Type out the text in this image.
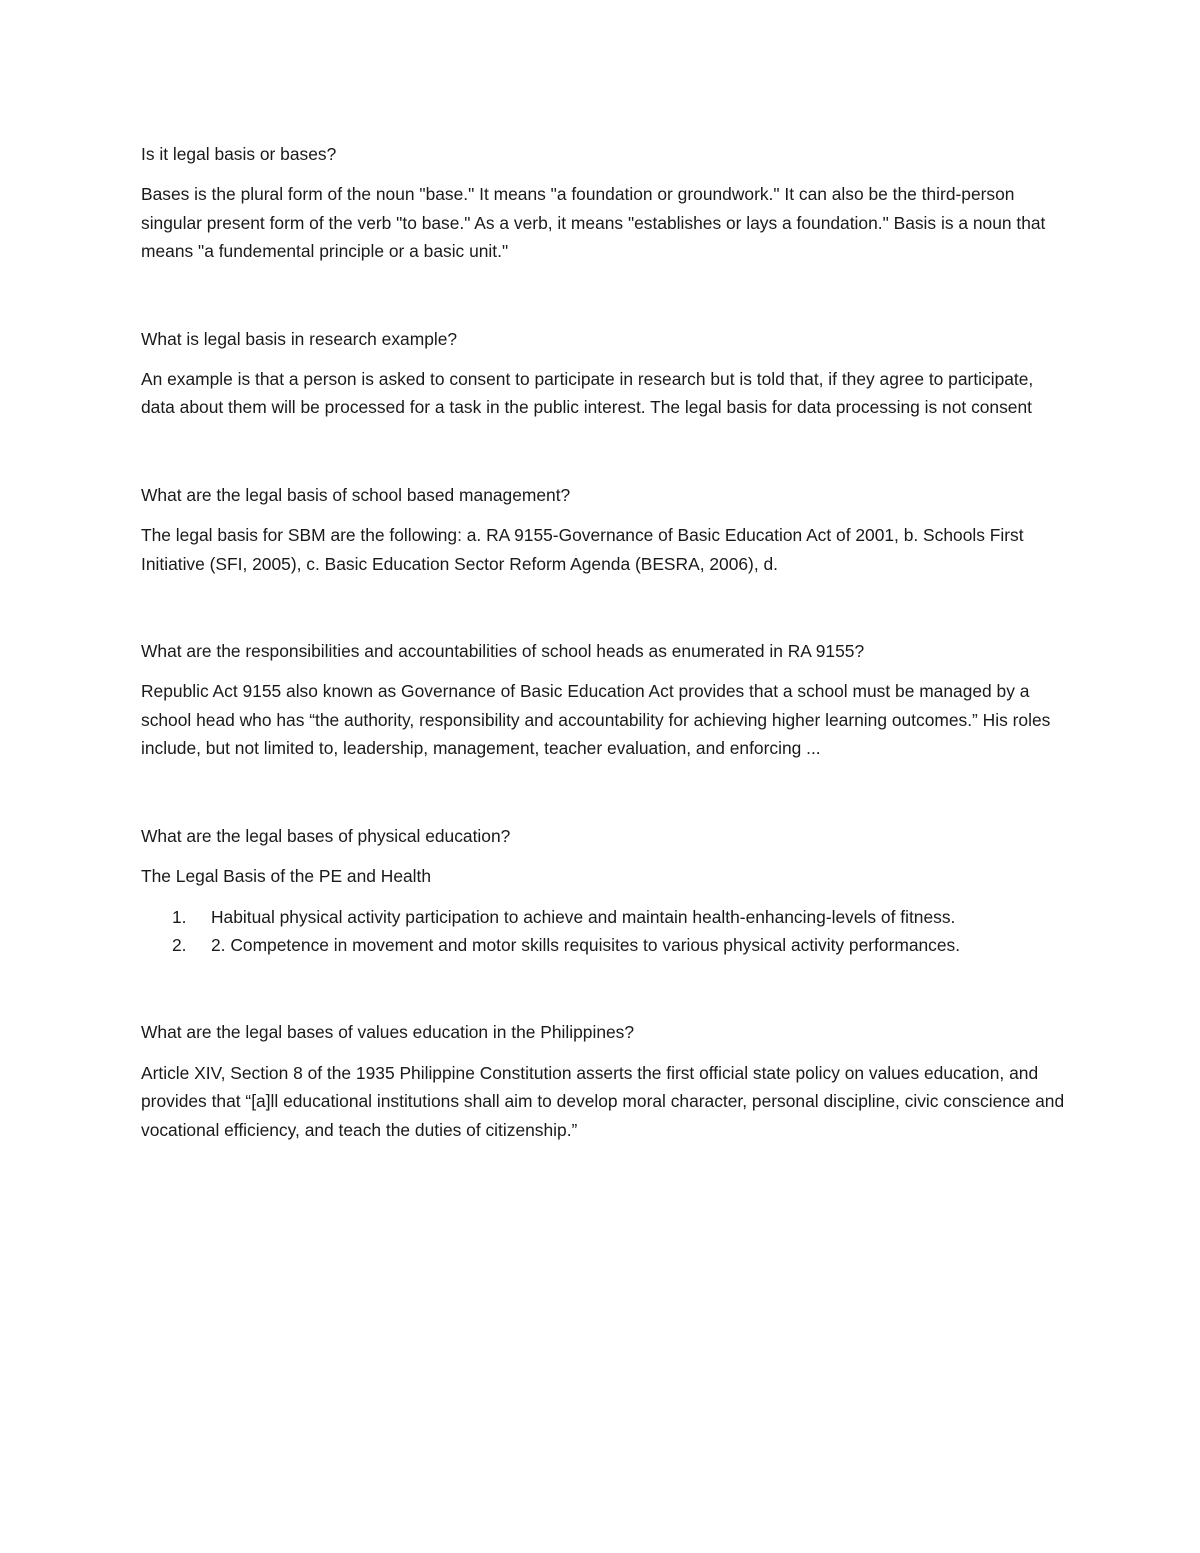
Is it legal basis or bases?

Bases is the plural form of the noun "base." It means "a foundation or groundwork." It can also be the third-person singular present form of the verb "to base." As a verb, it means "establishes or lays a foundation." Basis is a noun that means "a fundemental principle or a basic unit."

What is legal basis in research example?

An example is that a person is asked to consent to participate in research but is told that, if they agree to participate, data about them will be processed for a task in the public interest. The legal basis for data processing is not consent

What are the legal basis of school based management?

The legal basis for SBM are the following: a. RA 9155-Governance of Basic Education Act of 2001, b. Schools First Initiative (SFI, 2005), c. Basic Education Sector Reform Agenda (BESRA, 2006), d.

What are the responsibilities and accountabilities of school heads as enumerated in RA 9155?

Republic Act 9155 also known as Governance of Basic Education Act provides that a school must be managed by a school head who has “the authority, responsibility and accountability for achieving higher learning outcomes.” His roles include, but not limited to, leadership, management, teacher evaluation, and enforcing ...

What are the legal bases of physical education?

The Legal Basis of the PE and Health

1. Habitual physical activity participation to achieve and maintain health-enhancing-levels of fitness.
2. 2. Competence in movement and motor skills requisites to various physical activity performances.

What are the legal bases of values education in the Philippines?

Article XIV, Section 8 of the 1935 Philippine Constitution asserts the first official state policy on values education, and provides that “[a]ll educational institutions shall aim to develop moral character, personal discipline, civic conscience and vocational efficiency, and teach the duties of citizenship.”
